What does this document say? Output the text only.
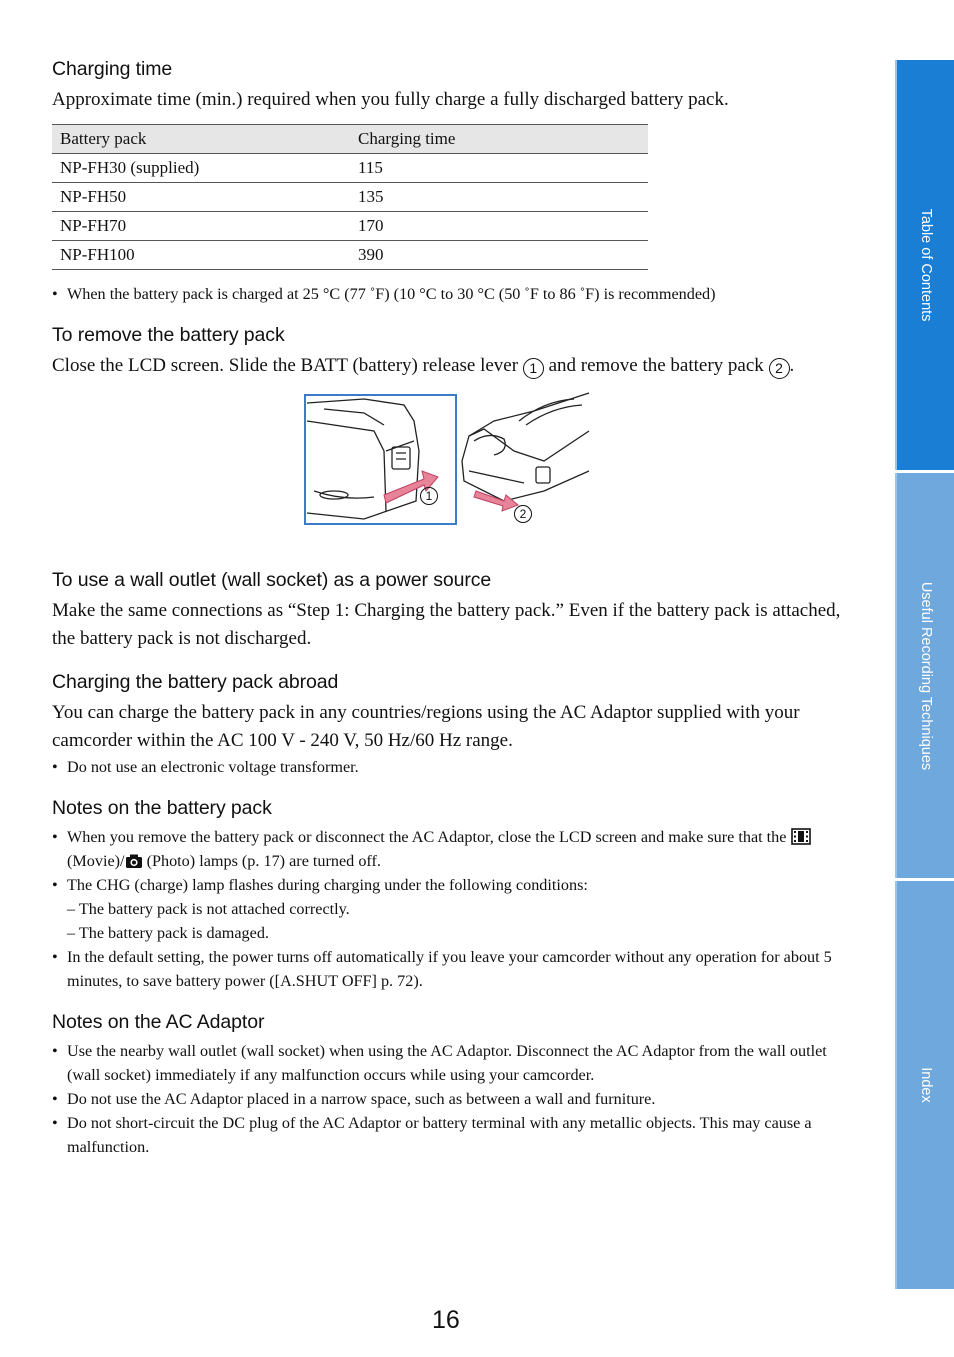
Charging time

Approximate time (min.) required when you fully charge a fully discharged battery pack.

Battery pack	Charging time
NP-FH30 (supplied)	115
NP-FH50	135
NP-FH70	170
NP-FH100	390
• When the battery pack is charged at 25 °C (77 ˚F) (10 °C to 30 °C (50 ˚F to 86 ˚F) is recommended)
To remove the battery pack

Close the LCD screen. Slide the BATT (battery) release lever 1 and remove the battery pack 2 .

1
2
To use a wall outlet (wall socket) as a power source

Make the same connections as “Step 1: Charging the battery pack.” Even if the battery pack is attached, the battery pack is not discharged.

Charging the battery pack abroad

You can charge the battery pack in any countries/regions using the AC Adaptor supplied with your camcorder within the AC 100 V - 240 V, 50 Hz/60 Hz range.

• Do not use an electronic voltage transformer.
Notes on the battery pack
• When you remove the battery pack or disconnect the AC Adaptor, close the LCD screen and make sure that the  (Movie)/ (Photo) lamps (p. 17) are turned off.
• The CHG (charge) lamp flashes during charging under the following conditions:
– The battery pack is not attached correctly.
– The battery pack is damaged.
• In the default setting, the power turns off automatically if you leave your camcorder without any operation for about 5 minutes, to save battery power ([A.SHUT OFF] p. 72).
Notes on the AC Adaptor
• Use the nearby wall outlet (wall socket) when using the AC Adaptor. Disconnect the AC Adaptor from the wall outlet (wall socket) immediately if any malfunction occurs while using your camcorder.
• Do not use the AC Adaptor placed in a narrow space, such as between a wall and furniture.
• Do not short-circuit the DC plug of the AC Adaptor or battery terminal with any metallic objects. This may cause a malfunction.
Table of Contents
Useful Recording Techniques
Index
16
